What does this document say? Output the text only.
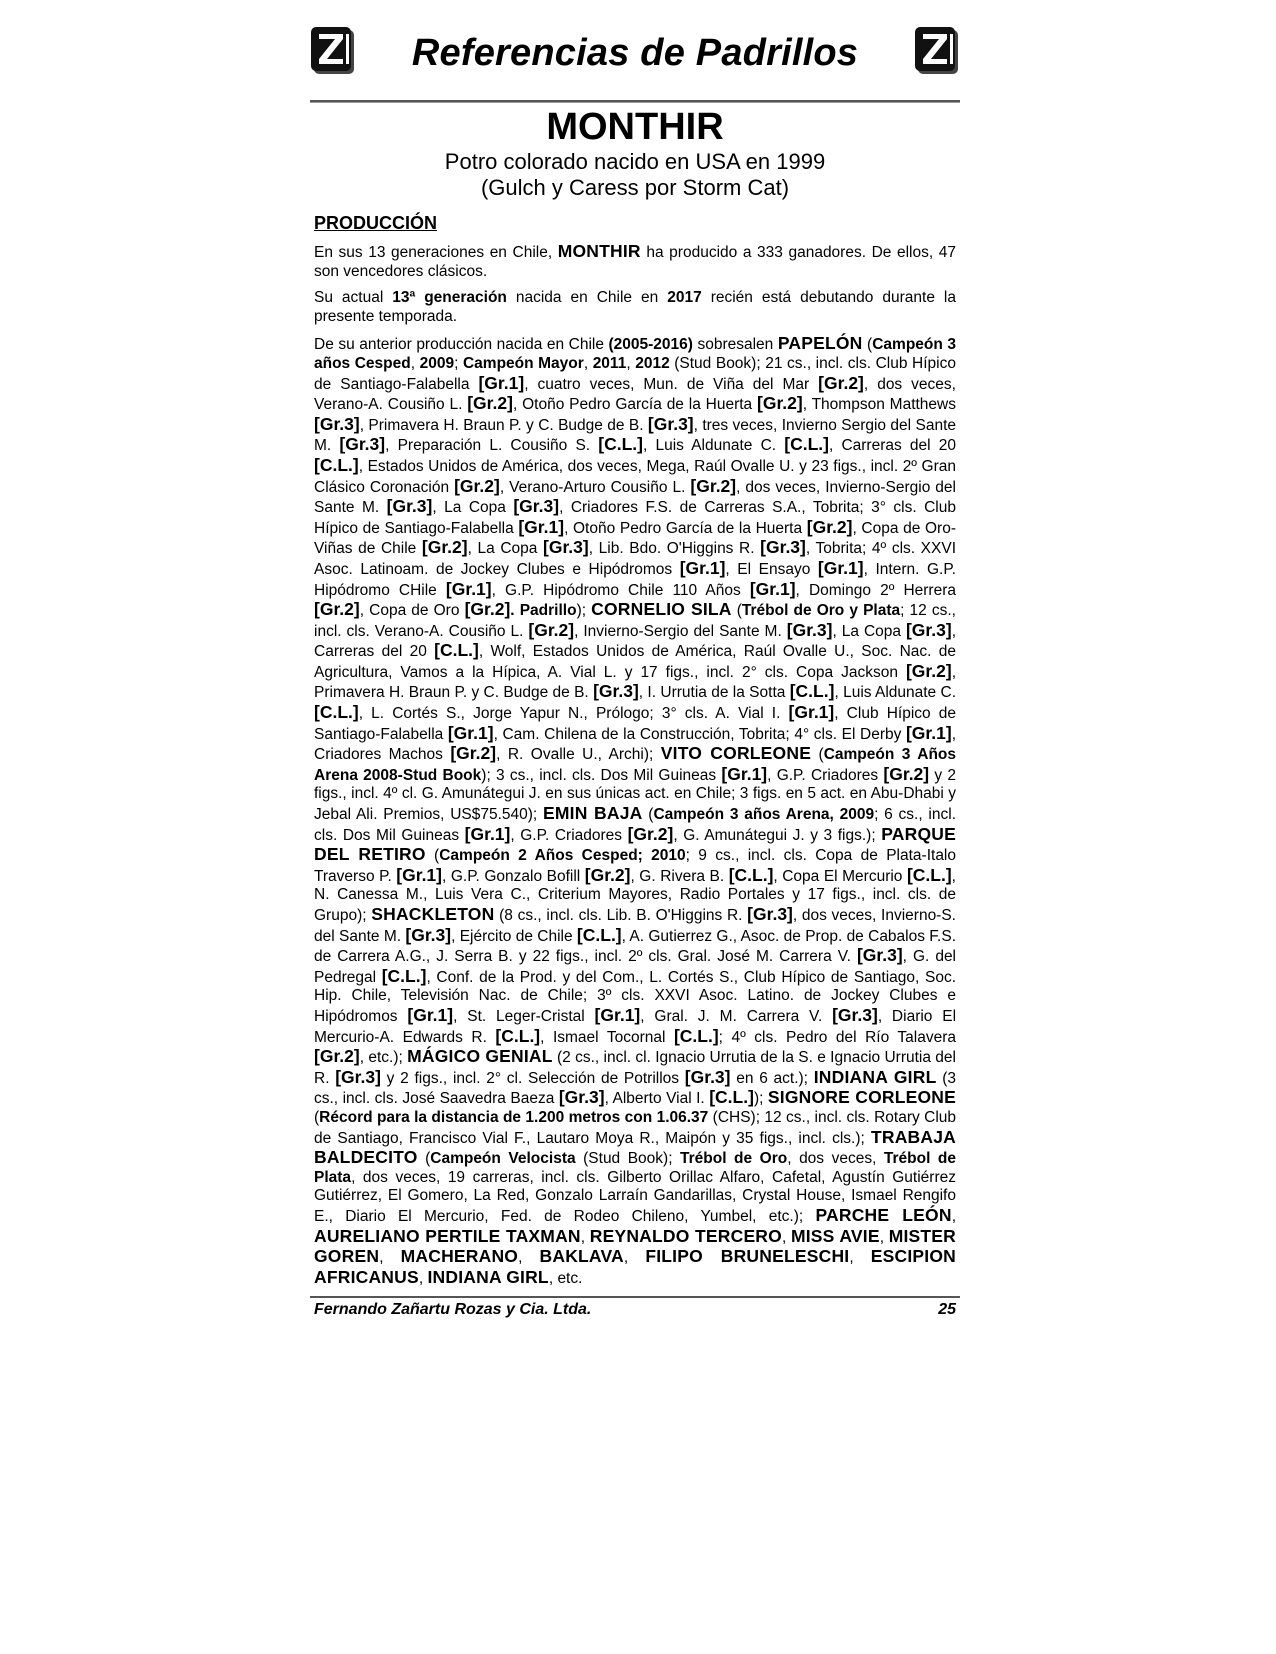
Referencias de Padrillos
MONTHIR
Potro colorado nacido en USA en 1999
(Gulch y Caress por Storm Cat)
PRODUCCIÓN

En sus 13 generaciones en Chile, MONTHIR ha producido a 333 ganadores. De ellos, 47 son vencedores clásicos.

Su actual 13ª generación nacida en Chile en 2017 recién está debutando durante la presente temporada.

De su anterior producción nacida en Chile (2005-2016) sobresalen PAPELÓN (Campeón 3 años Cesped, 2009; Campeón Mayor, 2011, 2012 (Stud Book); 21 cs., incl. cls. Club Hípico de Santiago-Falabella [Gr.1], cuatro veces, Mun. de Viña del Mar [Gr.2], dos veces, Verano-A. Cousiño L. [Gr.2], Otoño Pedro García de la Huerta [Gr.2], Thompson Matthews [Gr.3], Primavera H. Braun P. y C. Budge de B. [Gr.3], tres veces, Invierno Sergio del Sante M. [Gr.3], Preparación L. Cousiño S. [C.L.], Luis Aldunate C. [C.L.], Carreras del 20 [C.L.], Estados Unidos de América, dos veces, Mega, Raúl Ovalle U. y 23 figs., incl. 2º Gran Clásico Coronación [Gr.2], Verano-Arturo Cousiño L. [Gr.2], dos veces, Invierno-Sergio del Sante M. [Gr.3], La Copa [Gr.3], Criadores F.S. de Carreras S.A., Tobrita; 3° cls. Club Hípico de Santiago-Falabella [Gr.1], Otoño Pedro García de la Huerta [Gr.2], Copa de Oro-Viñas de Chile [Gr.2], La Copa [Gr.3], Lib. Bdo. O'Higgins R. [Gr.3], Tobrita; 4º cls. XXVI Asoc. Latinoam. de Jockey Clubes e Hipódromos [Gr.1], El Ensayo [Gr.1], Intern. G.P. Hipódromo CHile [Gr.1], G.P. Hipódromo Chile 110 Años [Gr.1], Domingo 2º Herrera [Gr.2], Copa de Oro [Gr.2]. Padrillo); CORNELIO SILA (Trébol de Oro y Plata; 12 cs., incl. cls. Verano-A. Cousiño L. [Gr.2], Invierno-Sergio del Sante M. [Gr.3], La Copa [Gr.3], Carreras del 20 [C.L.], Wolf, Estados Unidos de América, Raúl Ovalle U., Soc. Nac. de Agricultura, Vamos a la Hípica, A. Vial L. y 17 figs., incl. 2° cls. Copa Jackson [Gr.2], Primavera H. Braun P. y C. Budge de B. [Gr.3], I. Urrutia de la Sotta [C.L.], Luis Aldunate C. [C.L.], L. Cortés S., Jorge Yapur N., Prólogo; 3° cls. A. Vial I. [Gr.1], Club Hípico de Santiago-Falabella [Gr.1], Cam. Chilena de la Construcción, Tobrita; 4° cls. El Derby [Gr.1], Criadores Machos [Gr.2], R. Ovalle U., Archi); VITO CORLEONE (Campeón 3 Años Arena 2008-Stud Book); 3 cs., incl. cls. Dos Mil Guineas [Gr.1], G.P. Criadores [Gr.2] y 2 figs., incl. 4º cl. G. Amunátegui J. en sus únicas act. en Chile; 3 figs. en 5 act. en Abu-Dhabi y Jebal Ali. Premios, US$75.540); EMIN BAJA (Campeón 3 años Arena, 2009; 6 cs., incl. cls. Dos Mil Guineas [Gr.1], G.P. Criadores [Gr.2], G. Amunátegui J. y 3 figs.); PARQUE DEL RETIRO (Campeón 2 Años Cesped; 2010; 9 cs., incl. cls. Copa de Plata-Italo Traverso P. [Gr.1], G.P. Gonzalo Bofill [Gr.2], G. Rivera B. [C.L.], Copa El Mercurio [C.L.], N. Canessa M., Luis Vera C., Criterium Mayores, Radio Portales y 17 figs., incl. cls. de Grupo); SHACKLETON (8 cs., incl. cls. Lib. B. O'Higgins R. [Gr.3], dos veces, Invierno-S. del Sante M. [Gr.3], Ejército de Chile [C.L.], A. Gutierrez G., Asoc. de Prop. de Cabalos F.S. de Carrera A.G., J. Serra B. y 22 figs., incl. 2º cls. Gral. José M. Carrera V. [Gr.3], G. del Pedregal [C.L.], Conf. de la Prod. y del Com., L. Cortés S., Club Hípico de Santiago, Soc. Hip. Chile, Televisión Nac. de Chile; 3º cls. XXVI Asoc. Latino. de Jockey Clubes e Hipódromos [Gr.1], St. Leger-Cristal [Gr.1], Gral. J. M. Carrera V. [Gr.3], Diario El Mercurio-A. Edwards R. [C.L.], Ismael Tocornal [C.L.]; 4º cls. Pedro del Río Talavera [Gr.2], etc.); MÁGICO GENIAL (2 cs., incl. cl. Ignacio Urrutia de la S. e Ignacio Urrutia del R. [Gr.3] y 2 figs., incl. 2° cl. Selección de Potrillos [Gr.3] en 6 act.); INDIANA GIRL (3 cs., incl. cls. José Saavedra Baeza [Gr.3], Alberto Vial I. [C.L.]); SIGNORE CORLEONE (Récord para la distancia de 1.200 metros con 1.06.37 (CHS); 12 cs., incl. cls. Rotary Club de Santiago, Francisco Vial F., Lautaro Moya R., Maipón y 35 figs., incl. cls.); TRABAJA BALDECITO (Campeón Velocista (Stud Book); Trébol de Oro, dos veces, Trébol de Plata, dos veces, 19 carreras, incl. cls. Gilberto Orillac Alfaro, Cafetal, Agustín Gutiérrez Gutiérrez, El Gomero, La Red, Gonzalo Larraín Gandarillas, Crystal House, Ismael Rengifo E., Diario El Mercurio, Fed. de Rodeo Chileno, Yumbel, etc.); PARCHE LEÓN, AURELIANO PERTILE TAXMAN, REYNALDO TERCERO, MISS AVIE, MISTER GOREN, MACHERANO, BAKLAVA, FILIPO BRUNELESCHI, ESCIPION AFRICANUS, INDIANA GIRL, etc.

Fernando Zañartu Rozas y Cia. Ltda.	25
